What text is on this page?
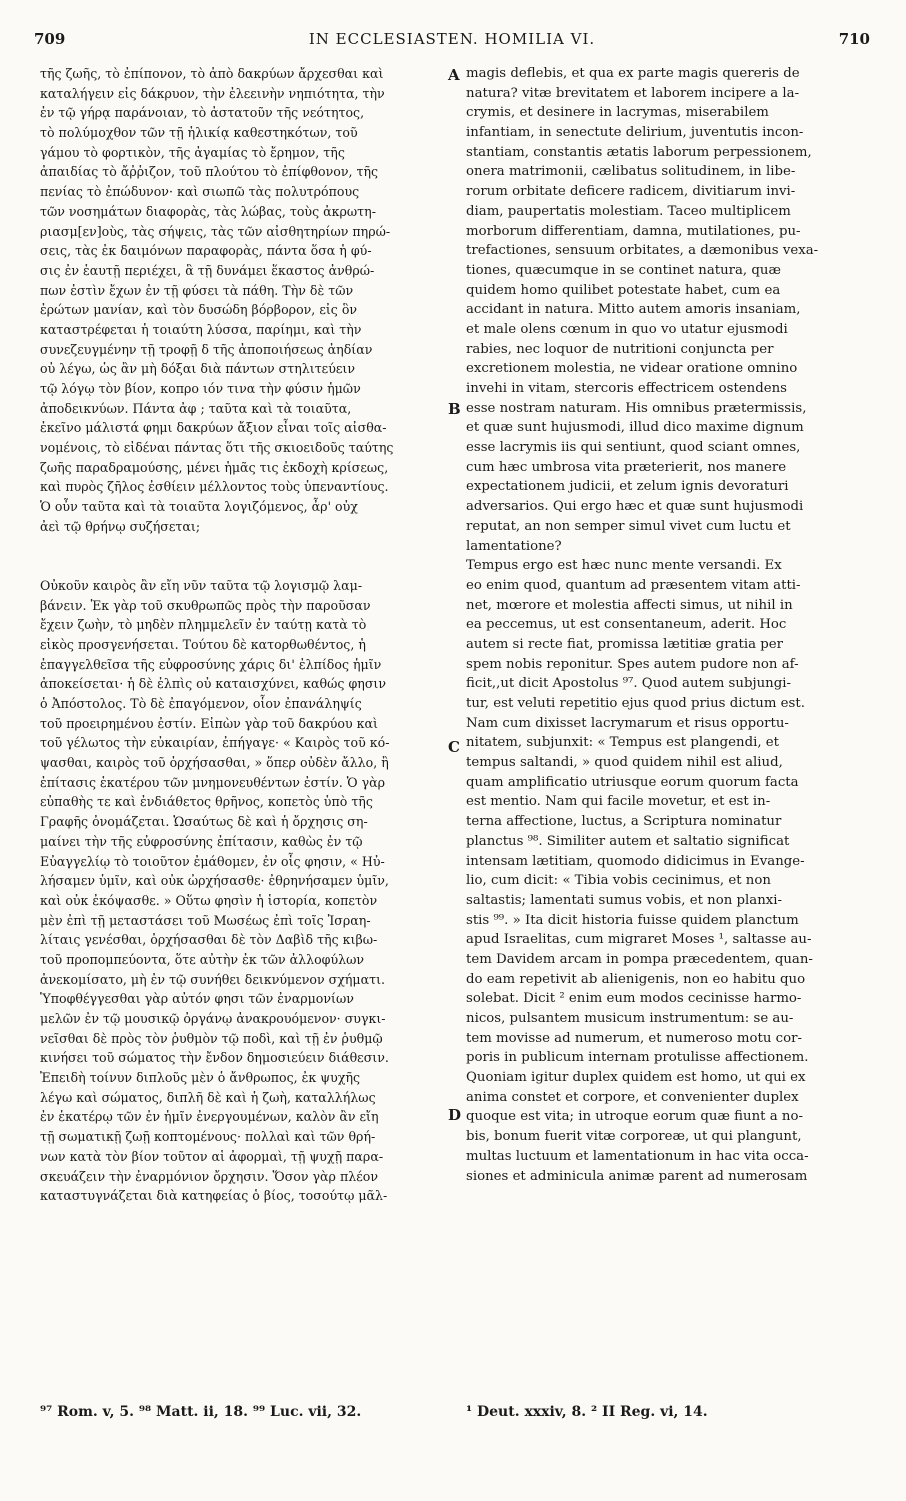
709	IN ECCLESIASTEN. HOMILIA VI.	710
τῆς ζωῆς, τὸ ἐπίπονον, τὸ ἀπὸ δακρύων ἄρχεσθαι καὶ
καταλήγειν εἰς δάκρυον, τὴν ἐλεεινὴν νηπιότητα, τὴν
ἐν τῷ γήρᾳ παράνοιαν, τὸ ἀστατοῦν τῆς νεότητος,
τὸ πολύμοχθον τῶν τῇ ἡλικίᾳ καθεστηκότων, τοῦ
γάμου τὸ φορτικὸν, τῆς ἀγαμίας τὸ ἔρημον, τῆς
ἀπαιδίας τὸ ἄῤῥιζον, τοῦ πλούτου τὸ ἐπίφθονον, τῆς
πενίας τὸ ἐπώδυνον· καὶ σιωπῶ τὰς πολυτρόπους
τῶν νοσημάτων διαφορὰς, τὰς λώβας, τοὺς ἀκρωτη-
ριασμ[εν]οὺς, τὰς σήψεις, τὰς τῶν αἰσθητηρίων πηρώ-
σεις, τὰς ἐκ δαιμόνων παραφορὰς, πάντα ὅσα ἡ φύ-
σις ἐν ἑαυτῇ περιέχει, ἃ τῇ δυνάμει ἕκαστος ἀνθρώ-
πων ἐστὶν ἔχων ἐν τῇ φύσει τὰ πάθη. Τὴν δὲ τῶν
ἐρώτων μανίαν, καὶ τὸν δυσώδη βόρβορον, εἰς ὃν
καταστρέφεται ἡ τοιαύτη λύσσα, παρίημι, καὶ τὴν
συνεζευγμένην τῇ τροφῇ δ τῆς ἀποποιήσεως ἀηδίαν
οὐ λέγω, ὡς ἂν μὴ δόξαι διὰ πάντων στηλιτεύειν
τῷ λόγῳ τὸν βίον, κοπρο ιόν τινα τὴν φύσιν ἡμῶν
ἀποδεικνύων. Πάντα ἀφ ; ταῦτα καὶ τὰ τοιαῦτα,
ἐκεῖνο μάλιστά φημι δακρύων ἄξιον εἶναι τοῖς αἰσθα-
νομένοις, τὸ εἰδέναι πάντας ὅτι τῆς σκιοειδοῦς ταύτης
ζωῆς παραδραμούσης, μένει ἡμᾶς τις ἐκδοχὴ κρίσεως,
καὶ πυρὸς ζῆλος ἐσθίειν μέλλοντος τοὺς ὑπεναντίους.
Ὁ οὖν ταῦτα καὶ τὰ τοιαῦτα λογιζόμενος, ἆρ' οὐχ
ἀεὶ τῷ θρήνῳ συζήσεται;

Οὐκοῦν καιρὸς ἂν εἴη νῦν ταῦτα τῷ λογισμῷ λαμ-
βάνειν. Ἐκ γὰρ τοῦ σκυθρωπῶς πρὸς τὴν παροῦσαν
ἔχειν ζωὴν, τὸ μηδὲν πλημμελεῖν ἐν ταύτῃ κατὰ τὸ
εἰκὸς προσγενήσεται. Τούτου δὲ κατορθωθέντος, ἡ
ἐπαγγελθεῖσα τῆς εὐφροσύνης χάρις δι' ἐλπίδος ἡμῖν
ἀποκείσεται· ἡ δὲ ἐλπὶς οὐ καταισχύνει, καθώς φησιν
ὁ Ἀπόστολος. Τὸ δὲ ἐπαγόμενον, οἷον ἐπανάληψίς
τοῦ προειρημένου ἐστίν. Εἰπὼν γὰρ τοῦ δακρύου καὶ
τοῦ γέλωτος τὴν εὐκαιρίαν, ἐπήγαγε· « Καιρὸς τοῦ κό-
ψασθαι, καιρὸς τοῦ ὀρχήσασθαι, » ὅπερ οὐδὲν ἄλλο, ἢ
ἐπίτασις ἑκατέρου τῶν μνημονευθέντων ἐστίν. Ὁ γὰρ
εὐπαθὴς τε καὶ ἐνδιάθετος θρῆνος, κοπετὸς ὑπὸ τῆς
Γραφῆς ὀνομάζεται. Ὡσαύτως δὲ καὶ ἡ ὄρχησις ση-
μαίνει τὴν τῆς εὐφροσύνης ἐπίτασιν, καθὼς ἐν τῷ
Εὐαγγελίῳ τὸ τοιοῦτον ἐμάθομεν, ἐν οἷς φησιν, « Ηὐ-
λήσαμεν ὑμῖν, καὶ οὐκ ὠρχήσασθε· ἐθρηνήσαμεν ὑμῖν,
καὶ οὐκ ἐκόψασθε. » Οὕτω φησὶν ἡ ἱστορία, κοπετὸν
μὲν ἐπὶ τῇ μεταστάσει τοῦ Μωσέως ἐπὶ τοῖς Ἰσραη-
λίταις γενέσθαι, ὀρχήσασθαι δὲ τὸν Δαβὶδ τῆς κιβω-
τοῦ προπομπεύοντα, ὅτε αὐτὴν ἐκ τῶν ἀλλοφύλων
ἀνεκομίσατο, μὴ ἐν τῷ συνήθει δεικνύμενον σχήματι.
Ὑποφθέγγεσθαι γὰρ αὐτόν φησι τῶν ἐναρμονίων
μελῶν ἐν τῷ μουσικῷ ὀργάνῳ ἀνακρουόμενον· συγκι-
νεῖσθαι δὲ πρὸς τὸν ῥυθμὸν τῷ ποδὶ, καὶ τῇ ἐν ῥυθμῷ
κινήσει τοῦ σώματος τὴν ἔνδον δημοσιεύειν διάθεσιν.
Ἐπειδὴ τοίνυν διπλοῦς μὲν ὁ ἄνθρωπος, ἐκ ψυχῆς
λέγω καὶ σώματος, διπλῆ δὲ καὶ ἡ ζωὴ, καταλλήλως
ἐν ἑκατέρῳ τῶν ἐν ἡμῖν ἐνεργουμένων, καλὸν ἂν εἴη
τῇ σωματικῇ ζωῇ κοπτομένους· πολλαὶ καὶ τῶν θρή-
νων κατὰ τὸν βίον τοῦτον αἱ ἀφορμαὶ, τῇ ψυχῇ παρα-
σκευάζειν τὴν ἐναρμόνιον ὄρχησιν. Ὅσον γὰρ πλέον
καταστυγνάζεται διὰ κατηφείας ὁ βίος, τοσούτῳ μᾶλ-
magis deflebis, et qua ex parte magis quereris de
natura? vitæ brevitatem et laborem incipere a la-
crymis, et desinere in lacrymas, miserabilem
infantiam, in senectute delirium, juventutis incon-
stantiam, constantis ætatis laborum perpessionem,
onera matrimonii, cælibatus solitudinem, in libe-
rorum orbitate deficere radicem, divitiarum invi-
diam, paupertatis molestiam. Taceo multiplicem
morborum differentiam, damna, mutilationes, pu-
trefactiones, sensuum orbitates, a dæmonibus vexa-
tiones, quæcumque in se continet natura, quæ
quidem homo quilibet potestate habet, cum ea
accidant in natura. Mitto autem amoris insaniam,
et male olens cœnum in quo vo utatur ejusmodi
rabies, nec loquor de nutritioni conjuncta per
excretionem molestia, ne videar oratione omnino
invehi in vitam, stercoris effectricem ostendens
esse nostram naturam. His omnibus prætermissis,
et quæ sunt hujusmodi, illud dico maxime dignum
esse lacrymis iis qui sentiunt, quod sciant omnes,
cum hæc umbrosa vita præterierit, nos manere
expectationem judicii, et zelum ignis devoraturi
adversarios. Qui ergo hæc et quæ sunt hujusmodi
reputat, an non semper simul vivet cum luctu et
lamentatione?
Tempus ergo est hæc nunc mente versandi. Ex
eo enim quod, quantum ad præsentem vitam atti-
net, mœrore et molestia affecti simus, ut nihil in
ea peccemus, ut est consentaneum, aderit. Hoc
autem si recte fiat, promissa lætitiæ gratia per
spem nobis reponitur. Spes autem pudore non af-
ficit,,ut dicit Apostolus ⁹⁷. Quod autem subjungi-
tur, est veluti repetitio ejus quod prius dictum est.
Nam cum dixisset lacrymarum et risus opportu-
nitatem, subjunxit: « Tempus est plangendi, et
tempus saltandi, » quod quidem nihil est aliud,
quam amplificatio utriusque eorum quorum facta
est mentio. Nam qui facile movetur, et est in-
terna affectione, luctus, a Scriptura nominatur
planctus ⁹⁸. Similiter autem et saltatio significat
intensam lætitiam, quomodo didicimus in Evange-
lio, cum dicit: « Tibia vobis cecinimus, et non
saltastis; lamentati sumus vobis, et non planxi-
stis ⁹⁹. » Ita dicit historia fuisse quidem planctum
apud Israelitas, cum migraret Moses ¹, saltasse au-
tem Davidem arcam in pompa præcedentem, quan-
do eam repetivit ab alienigenis, non eo habitu quo
solebat. Dicit ² enim eum modos cecinisse harmo-
nicos, pulsantem musicum instrumentum: se au-
tem movisse ad numerum, et numeroso motu cor-
poris in publicum internam protulisse affectionem.
Quoniam igitur duplex quidem est homo, ut qui ex
anima constet et corpore, et convenienter duplex
quoque est vita; in utroque eorum quæ fiunt a no-
bis, bonum fuerit vitæ corporeæ, ut qui plangunt,
multas luctuum et lamentationum in hac vita occa-
siones et adminicula animæ parent ad numerosam
A
B
C
D
⁹⁷ Rom. v, 5. ⁹⁸ Matt. ii, 18. ⁹⁹ Luc. vii, 32.	¹ Deut. xxxiv, 8. ² II Reg. vi, 14.
